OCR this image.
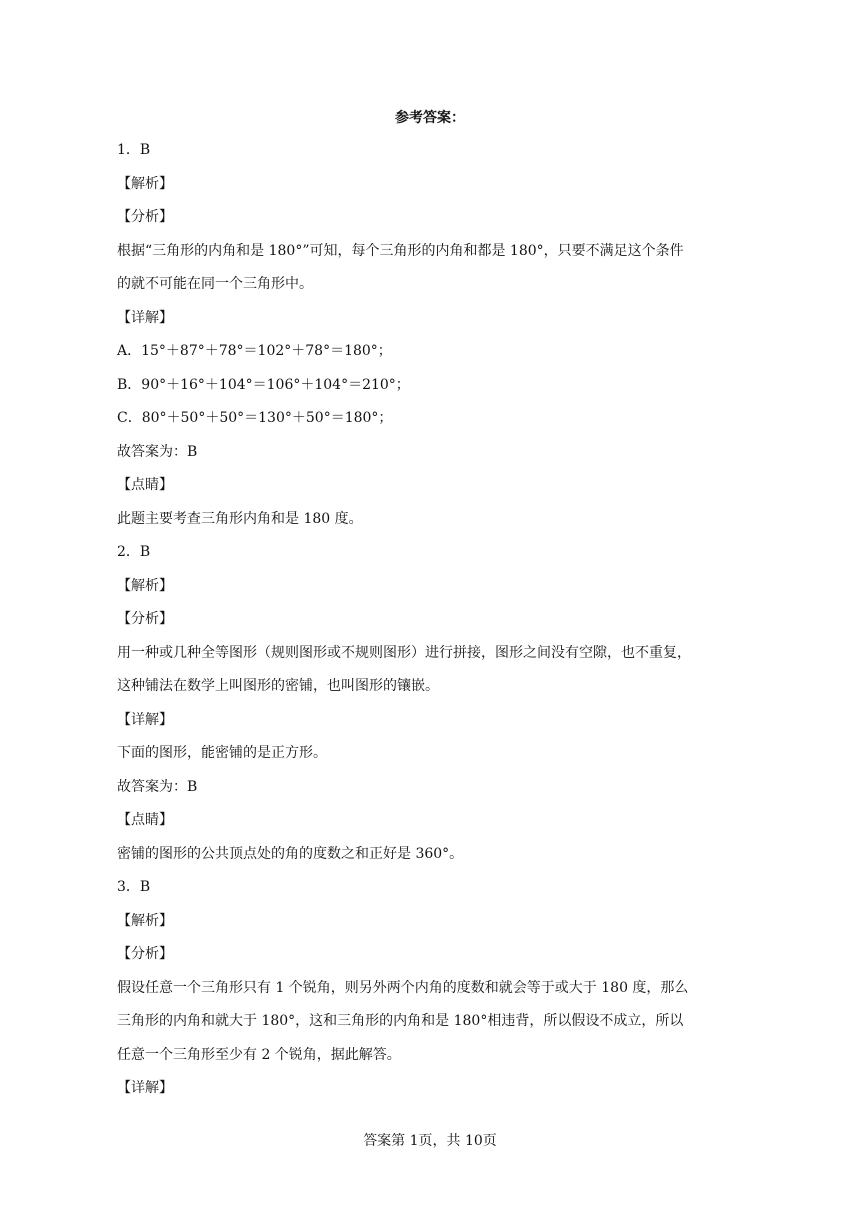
参考答案：
1．B
【解析】
【分析】
根据“三角形的内角和是 180°”可知，每个三角形的内角和都是 180°，只要不满足这个条件
的就不可能在同一个三角形中。
【详解】
A．15°＋87°＋78°＝102°＋78°＝180°；
B．90°＋16°＋104°＝106°＋104°＝210°；
C．80°＋50°＋50°＝130°＋50°＝180°；
故答案为：B
【点睛】
此题主要考查三角形内角和是 180 度。
2．B
【解析】
【分析】
用一种或几种全等图形（规则图形或不规则图形）进行拼接，图形之间没有空隙，也不重复，
这种铺法在数学上叫图形的密铺，也叫图形的镶嵌。
【详解】
下面的图形，能密铺的是正方形。
故答案为：B
【点睛】
密铺的图形的公共顶点处的角的度数之和正好是 360°。
3．B
【解析】
【分析】
假设任意一个三角形只有 1 个锐角，则另外两个内角的度数和就会等于或大于 180 度，那么
三角形的内角和就大于 180°，这和三角形的内角和是 180°相违背，所以假设不成立，所以
任意一个三角形至少有 2 个锐角，据此解答。
【详解】
答案第 1页，共 10页
